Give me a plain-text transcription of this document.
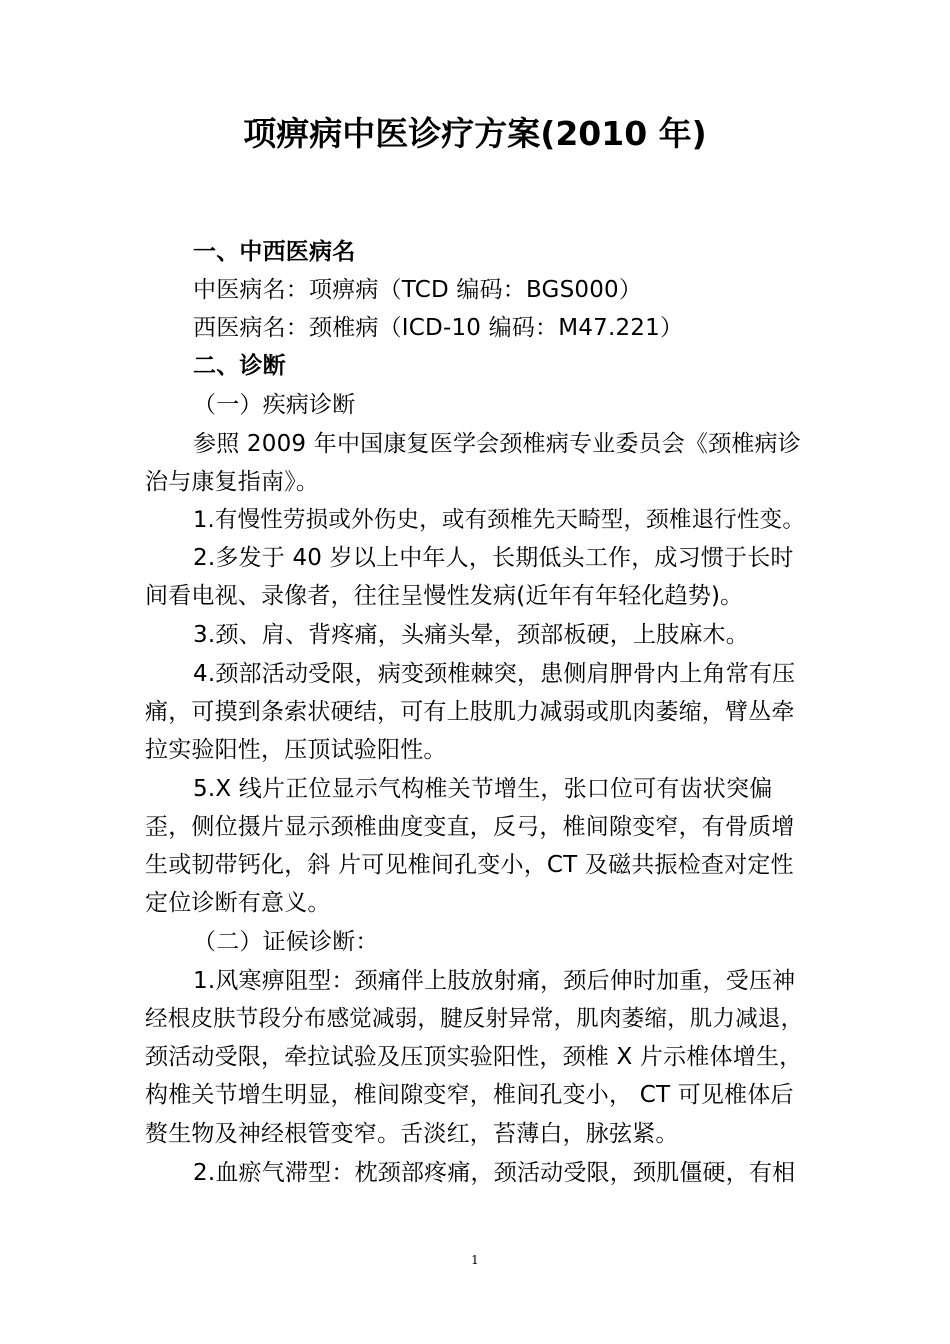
项痹病中医诊疗方案(2010 年)
一、中西医病名
中医病名：项痹病（TCD 编码：BGS000）
西医病名：颈椎病（ICD-10 编码：M47.221）
二、诊断
（一）疾病诊断
参照 2009 年中国康复医学会颈椎病专业委员会《颈椎病诊
治与康复指南》。
1.有慢性劳损或外伤史，或有颈椎先天畸型，颈椎退行性变。
2.多发于 40 岁以上中年人，长期低头工作，成习惯于长时
间看电视、录像者，往往呈慢性发病(近年有年轻化趋势)。
3.颈、肩、背疼痛，头痛头晕，颈部板硬，上肢麻木。
4.颈部活动受限，病变颈椎棘突，患侧肩胛骨内上角常有压
痛，可摸到条索状硬结，可有上肢肌力减弱或肌肉萎缩，臂丛牵
拉实验阳性，压顶试验阳性。
5.X 线片正位显示气构椎关节增生，张口位可有齿状突偏
歪，侧位摄片显示颈椎曲度变直，反弓，椎间隙变窄，有骨质增
生或韧带钙化，斜 片可见椎间孔变小，CT 及磁共振检查对定性
定位诊断有意义。
（二）证候诊断：
1.风寒痹阻型：颈痛伴上肢放射痛，颈后伸时加重，受压神
经根皮肤节段分布感觉减弱，腱反射异常，肌肉萎缩，肌力减退，
颈活动受限，牵拉试验及压顶实验阳性，颈椎 X 片示椎体增生，
构椎关节增生明显，椎间隙变窄，椎间孔变小， CT 可见椎体后
赘生物及神经根管变窄。舌淡红，苔薄白，脉弦紧。
2.血瘀气滞型：枕颈部疼痛，颈活动受限，颈肌僵硬，有相
1
